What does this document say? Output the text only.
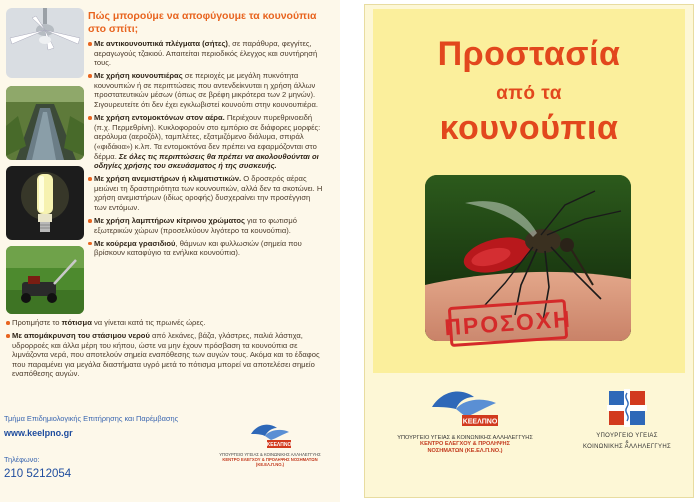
Πώς μπορούμε να αποφύγουμε τα κουνούπια στο σπίτι;
Με αντικουνουπικά πλέγματα (σήτες), σε παράθυρα, φεγγίτες, αεραγωγούς τζακιού. Απαιτείται περιοδικός έλεγχος και συντήρησή τους.
Με χρήση κουνουπιέρας σε περιοχές με μεγάλη πυκνότητα κουνουπιών ή σε περιπτώσεις που αντενδείκνυται η χρήση άλλων προστατευτικών μέσων (όπως σε βρέφη μικρότερα των 2 μηνών). Σιγουρευτείτε ότι δεν έχει εγκλωβιστεί κουνούπι στην κουνουπιέρα.
Με χρήση εντομοκτόνων στον αέρα. Περιέχουν πυρεθρινοειδή (π.χ. Περμεθρίνη). Κυκλοφορούν στο εμπόριο σε διάφορες μορφές: αερόλυμα (αεροζόλ), ταμπλέτες, εξατμιζόμενο διάλυμα, σπιράλ («φιδάκια») κ.λπ. Τα εντομοκτόνα δεν πρέπει να εφαρμόζονται στο δέρμα. Σε όλες τις περιπτώσεις θα πρέπει να ακολουθούνται οι οδηγίες χρήσης του σκευάσματος ή της συσκευής.
Με χρήση ανεμιστήρων ή κλιματιστικών. Ο δροσερός αέρας μειώνει τη δραστηριότητα των κουνουπιών, αλλά δεν τα σκοτώνει. Η χρήση ανεμιστήρων (ιδίως οροφής) δυσχεραίνει την προσέγγιση των εντόμων.
Με χρήση λαμπτήρων κίτρινου χρώματος για το φωτισμό εξωτερικών χώρων (προσελκύουν λιγότερο τα κουνούπια).
Με κούρεμα γρασιδιού, θάμνων και φυλλωσιών (σημεία που βρίσκουν καταφύγιο τα ενήλικα κουνούπια).
Προτιμήστε το πότισμα να γίνεται κατά τις πρωινές ώρες.
Με απομάκρυνση του στάσιμου νερού από λεκάνες, βάζα, γλάστρες, παλιά λάστιχα, υδρορροές και άλλα μέρη του κήπου, ώστε να μην έχουν πρόσβαση τα κουνούπια σε λιμνάζοντα νερά, που αποτελούν σημεία εναπόθεσης των αυγών τους. Ακόμα και το έδαφος που παραμένει για μεγάλα διαστήματα υγρό μετά το πότισμα μπορεί να αποτελέσει σημείο εναπόθεσης αυγών.
Τμήμα Επιδημιολογικής Επιτήρησης και Παρέμβασης
www.keelpno.gr
Τηλέφωνο:
210 5212054
ΚΕΕΛΠΝΟ
ΥΠΟΥΡΓΕΙΟ ΥΓΕΙΑΣ & ΚΟΙΝΩΝΙΚΗΣ ΑΛΛΗΛΕΓΓΥΗΣ
ΚΕΝΤΡΟ ΕΛΕΓΧΟΥ & ΠΡΟΛΗΨΗΣ ΝΟΣΗΜΑΤΩΝ (ΚΕ.ΕΛ.Π.ΝΟ.)
Προστασία
από τα
κουνούπια
ΠΡΟΣΟΧΗ
ΚΕΕΛΠΝΟ
ΥΠΟΥΡΓΕΙΟ ΥΓΕΙΑΣ & ΚΟΙΝΩΝΙΚΗΣ ΑΛΛΗΛΕΓΓΥΗΣ
ΚΕΝΤΡΟ ΕΛΕΓΧΟΥ & ΠΡΟΛΗΨΗΣ
ΝΟΣΗΜΑΤΩΝ (ΚΕ.ΕΛ.Π.ΝΟ.)
ΥΠΟΥΡΓΕΙΟ ΥΓΕΙΑΣ
&
ΚΟΙΝΩΝΙΚΗΣ ΑΛΛΗΛΕΓΓΥΗΣ
